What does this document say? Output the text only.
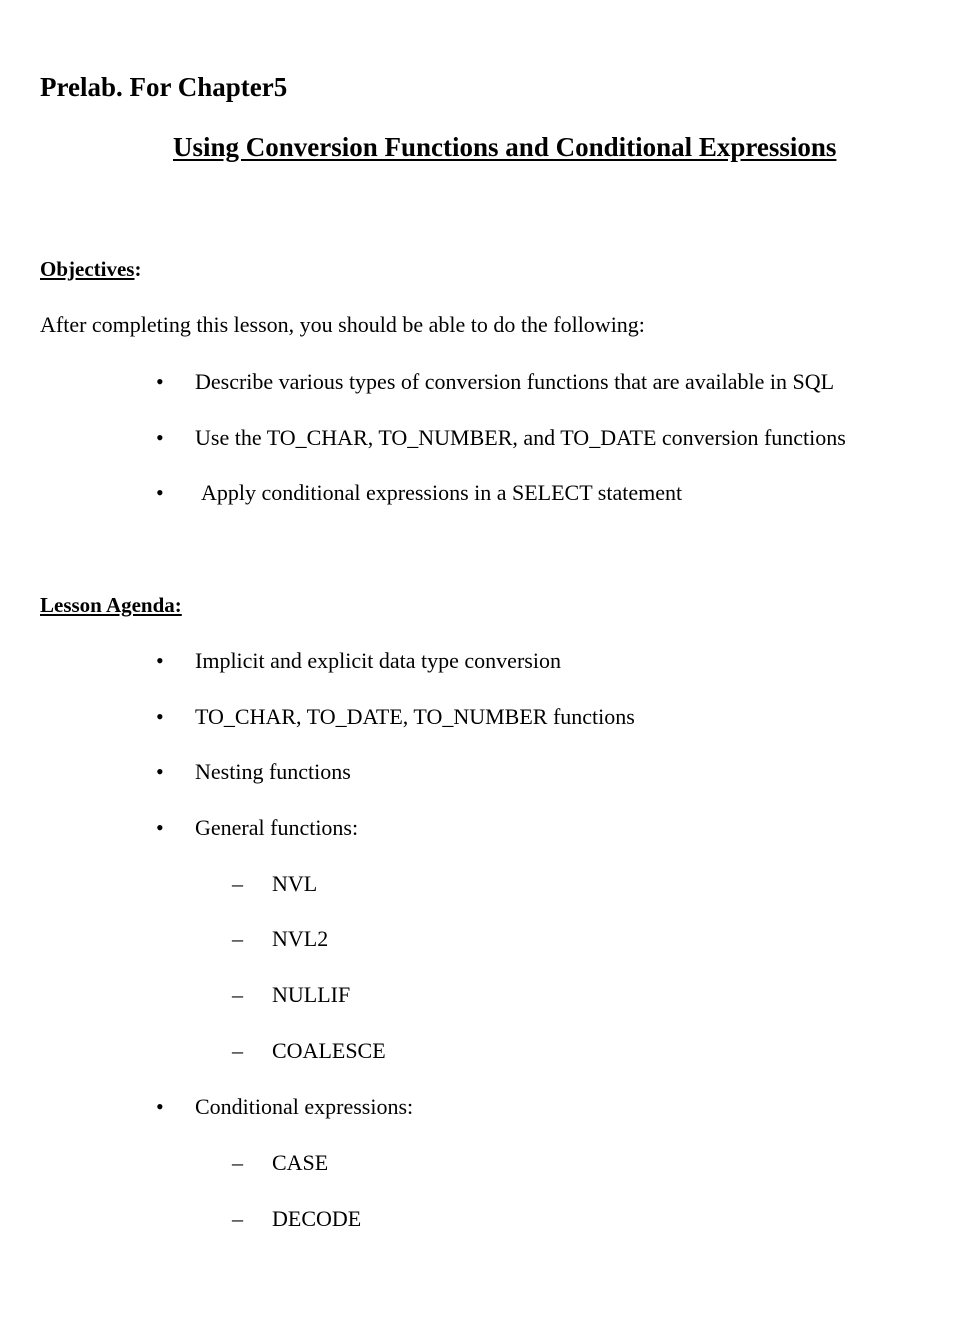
Prelab. For Chapter5
Using Conversion Functions and Conditional Expressions
Objectives:
After completing this lesson, you should be able to do the following:
• Describe various types of conversion functions that are available in SQL
• Use the TO_CHAR, TO_NUMBER, and TO_DATE conversion functions
• Apply conditional expressions in a SELECT statement
Lesson Agenda:
• Implicit and explicit data type conversion
• TO_CHAR, TO_DATE, TO_NUMBER functions
• Nesting functions
• General functions:
– NVL
– NVL2
– NULLIF
– COALESCE
• Conditional expressions:
– CASE
– DECODE
